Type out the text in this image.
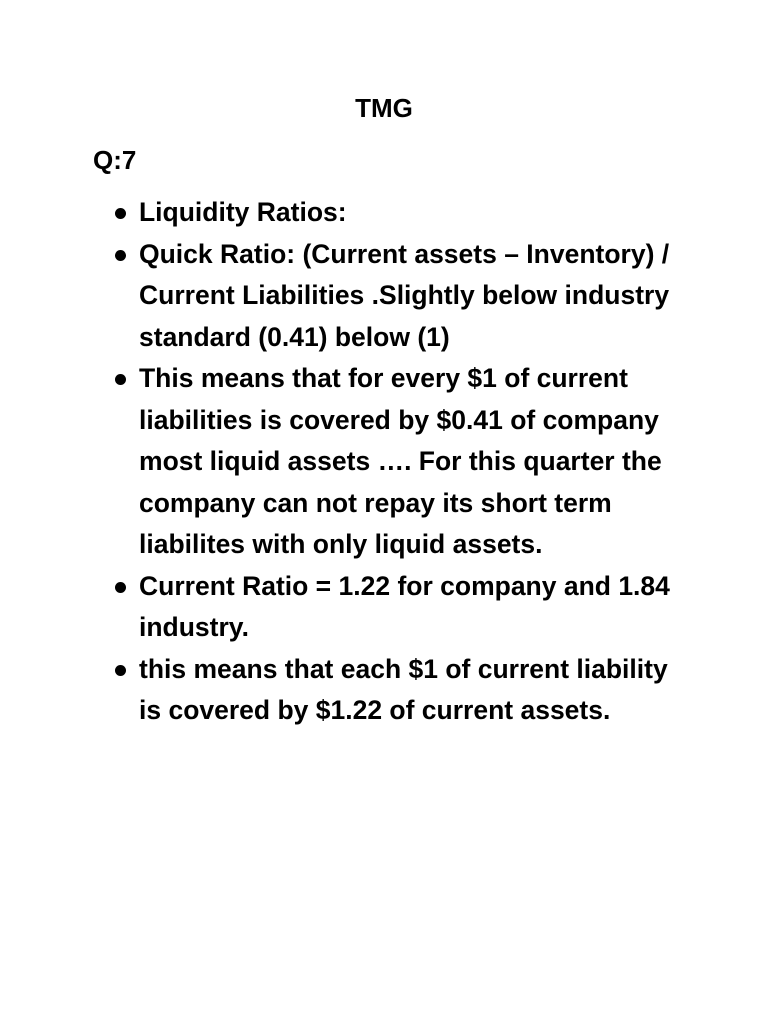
TMG
Q:7
Liquidity Ratios:
Quick Ratio: (Current assets – Inventory) / Current Liabilities .Slightly below industry standard (0.41) below (1)
This means that for every $1 of current liabilities is covered by $0.41 of company most liquid assets …. For this quarter the company can not repay its short term liabilites with only liquid assets.
Current Ratio = 1.22 for company and 1.84 industry.
this means that each $1 of current liability is covered by $1.22 of current assets.
